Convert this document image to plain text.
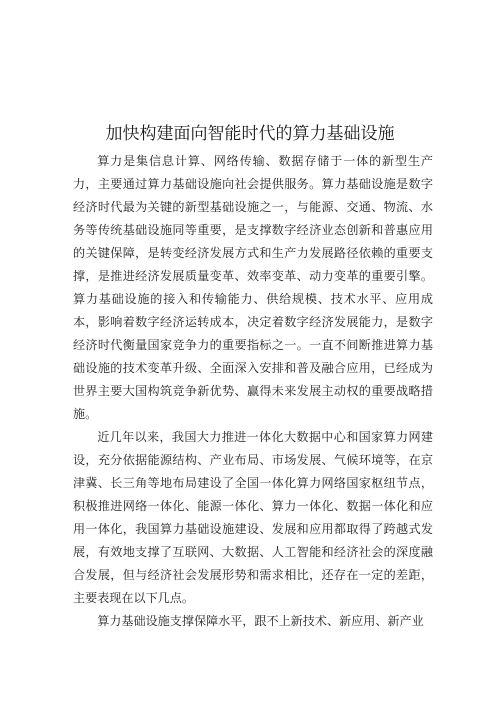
加快构建面向智能时代的算力基础设施

算力是集信息计算、网络传输、数据存储于一体的新型生产力，主要通过算力基础设施向社会提供服务。算力基础设施是数字经济时代最为关键的新型基础设施之一，与能源、交通、物流、水务等传统基础设施同等重要，是支撑数字经济业态创新和普惠应用的关键保障，是转变经济发展方式和生产力发展路径依赖的重要支撑，是推进经济发展质量变革、效率变革、动力变革的重要引擎。算力基础设施的接入和传输能力、供给规模、技术水平、应用成本，影响着数字经济运转成本，决定着数字经济发展能力，是数字经济时代衡量国家竞争力的重要指标之一。一直不间断推进算力基础设施的技术变革升级、全面深入安排和普及融合应用，已经成为世界主要大国构筑竞争新优势、赢得未来发展主动权的重要战略措施。

近几年以来，我国大力推进一体化大数据中心和国家算力网建设，充分依据能源结构、产业布局、市场发展、气候环境等，在京津冀、长三角等地布局建设了全国一体化算力网络国家枢纽节点，积极推进网络一体化、能源一体化、算力一体化、数据一体化和应用一体化，我国算力基础设施建设、发展和应用都取得了跨越式发展，有效地支撑了互联网、大数据、人工智能和经济社会的深度融合发展，但与经济社会发展形势和需求相比，还存在一定的差距，主要表现在以下几点。

算力基础设施支撑保障水平，跟不上新技术、新应用、新产业
